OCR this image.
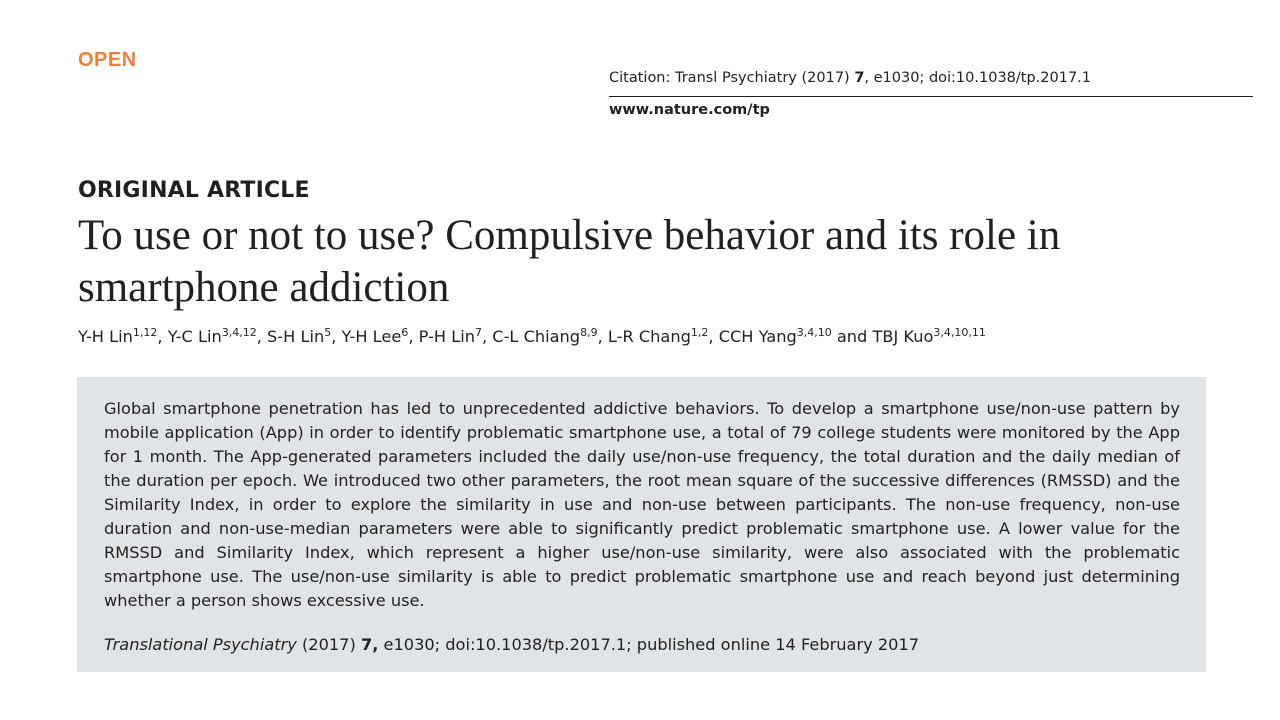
OPEN
Citation: Transl Psychiatry (2017) 7, e1030; doi:10.1038/tp.2017.1
www.nature.com/tp
ORIGINAL ARTICLE
To use or not to use? Compulsive behavior and its role in smartphone addiction
Y-H Lin$^{1,12}$, Y-C Lin$^{3,4,12}$, S-H Lin$^5$, Y-H Lee$^6$, P-H Lin$^7$, C-L Chiang$^{8,9}$, L-R Chang$^{1,2}$, CCH Yang$^{3,4,10}$ and TBJ Kuo$^{3,4,10,11}$

Global smartphone penetration has led to unprecedented addictive behaviors. To develop a smartphone use/non-use pattern by mobile application (App) in order to identify problematic smartphone use, a total of 79 college students were monitored by the App for 1 month. The App-generated parameters included the daily use/non-use frequency, the total duration and the daily median of the duration per epoch. We introduced two other parameters, the root mean square of the successive differences (RMSSD) and the Similarity Index, in order to explore the similarity in use and non-use between participants. The non-use frequency, non-use duration and non-use-median parameters were able to significantly predict problematic smartphone use. A lower value for the RMSSD and Similarity Index, which represent a higher use/non-use similarity, were also associated with the problematic smartphone use. The use/non-use similarity is able to predict problematic smartphone use and reach beyond just determining whether a person shows excessive use.

Translational Psychiatry (2017) 7, e1030; doi:10.1038/tp.2017.1; published online 14 February 2017
